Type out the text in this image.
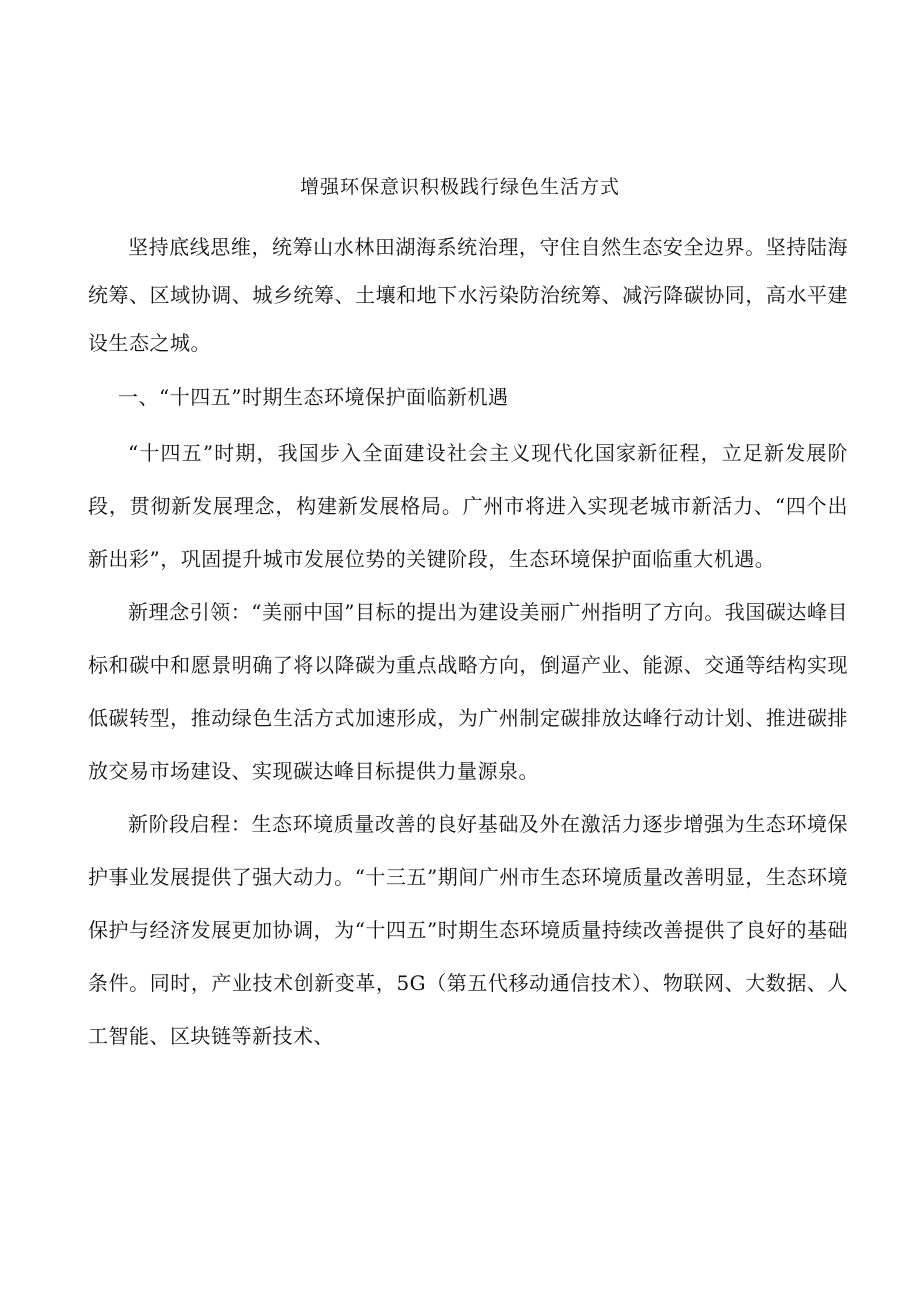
增强环保意识积极践行绿色生活方式

坚持底线思维，统筹山水林田湖海系统治理，守住自然生态安全边界。坚持陆海统筹、区域协调、城乡统筹、土壤和地下水污染防治统筹、减污降碳协同，高水平建设生态之城。

一、“十四五”时期生态环境保护面临新机遇

“十四五”时期，我国步入全面建设社会主义现代化国家新征程，立足新发展阶段，贯彻新发展理念，构建新发展格局。广州市将进入实现老城市新活力、“四个出新出彩”，巩固提升城市发展位势的关键阶段，生态环境保护面临重大机遇。

新理念引领：“美丽中国”目标的提出为建设美丽广州指明了方向。我国碳达峰目标和碳中和愿景明确了将以降碳为重点战略方向，倒逼产业、能源、交通等结构实现低碳转型，推动绿色生活方式加速形成，为广州制定碳排放达峰行动计划、推进碳排放交易市场建设、实现碳达峰目标提供力量源泉。

新阶段启程：生态环境质量改善的良好基础及外在激活力逐步增强为生态环境保护事业发展提供了强大动力。“十三五”期间广州市生态环境质量改善明显，生态环境保护与经济发展更加协调，为“十四五”时期生态环境质量持续改善提供了良好的基础条件。同时，产业技术创新变革，5G（第五代移动通信技术）、物联网、大数据、人工智能、区块链等新技术、
